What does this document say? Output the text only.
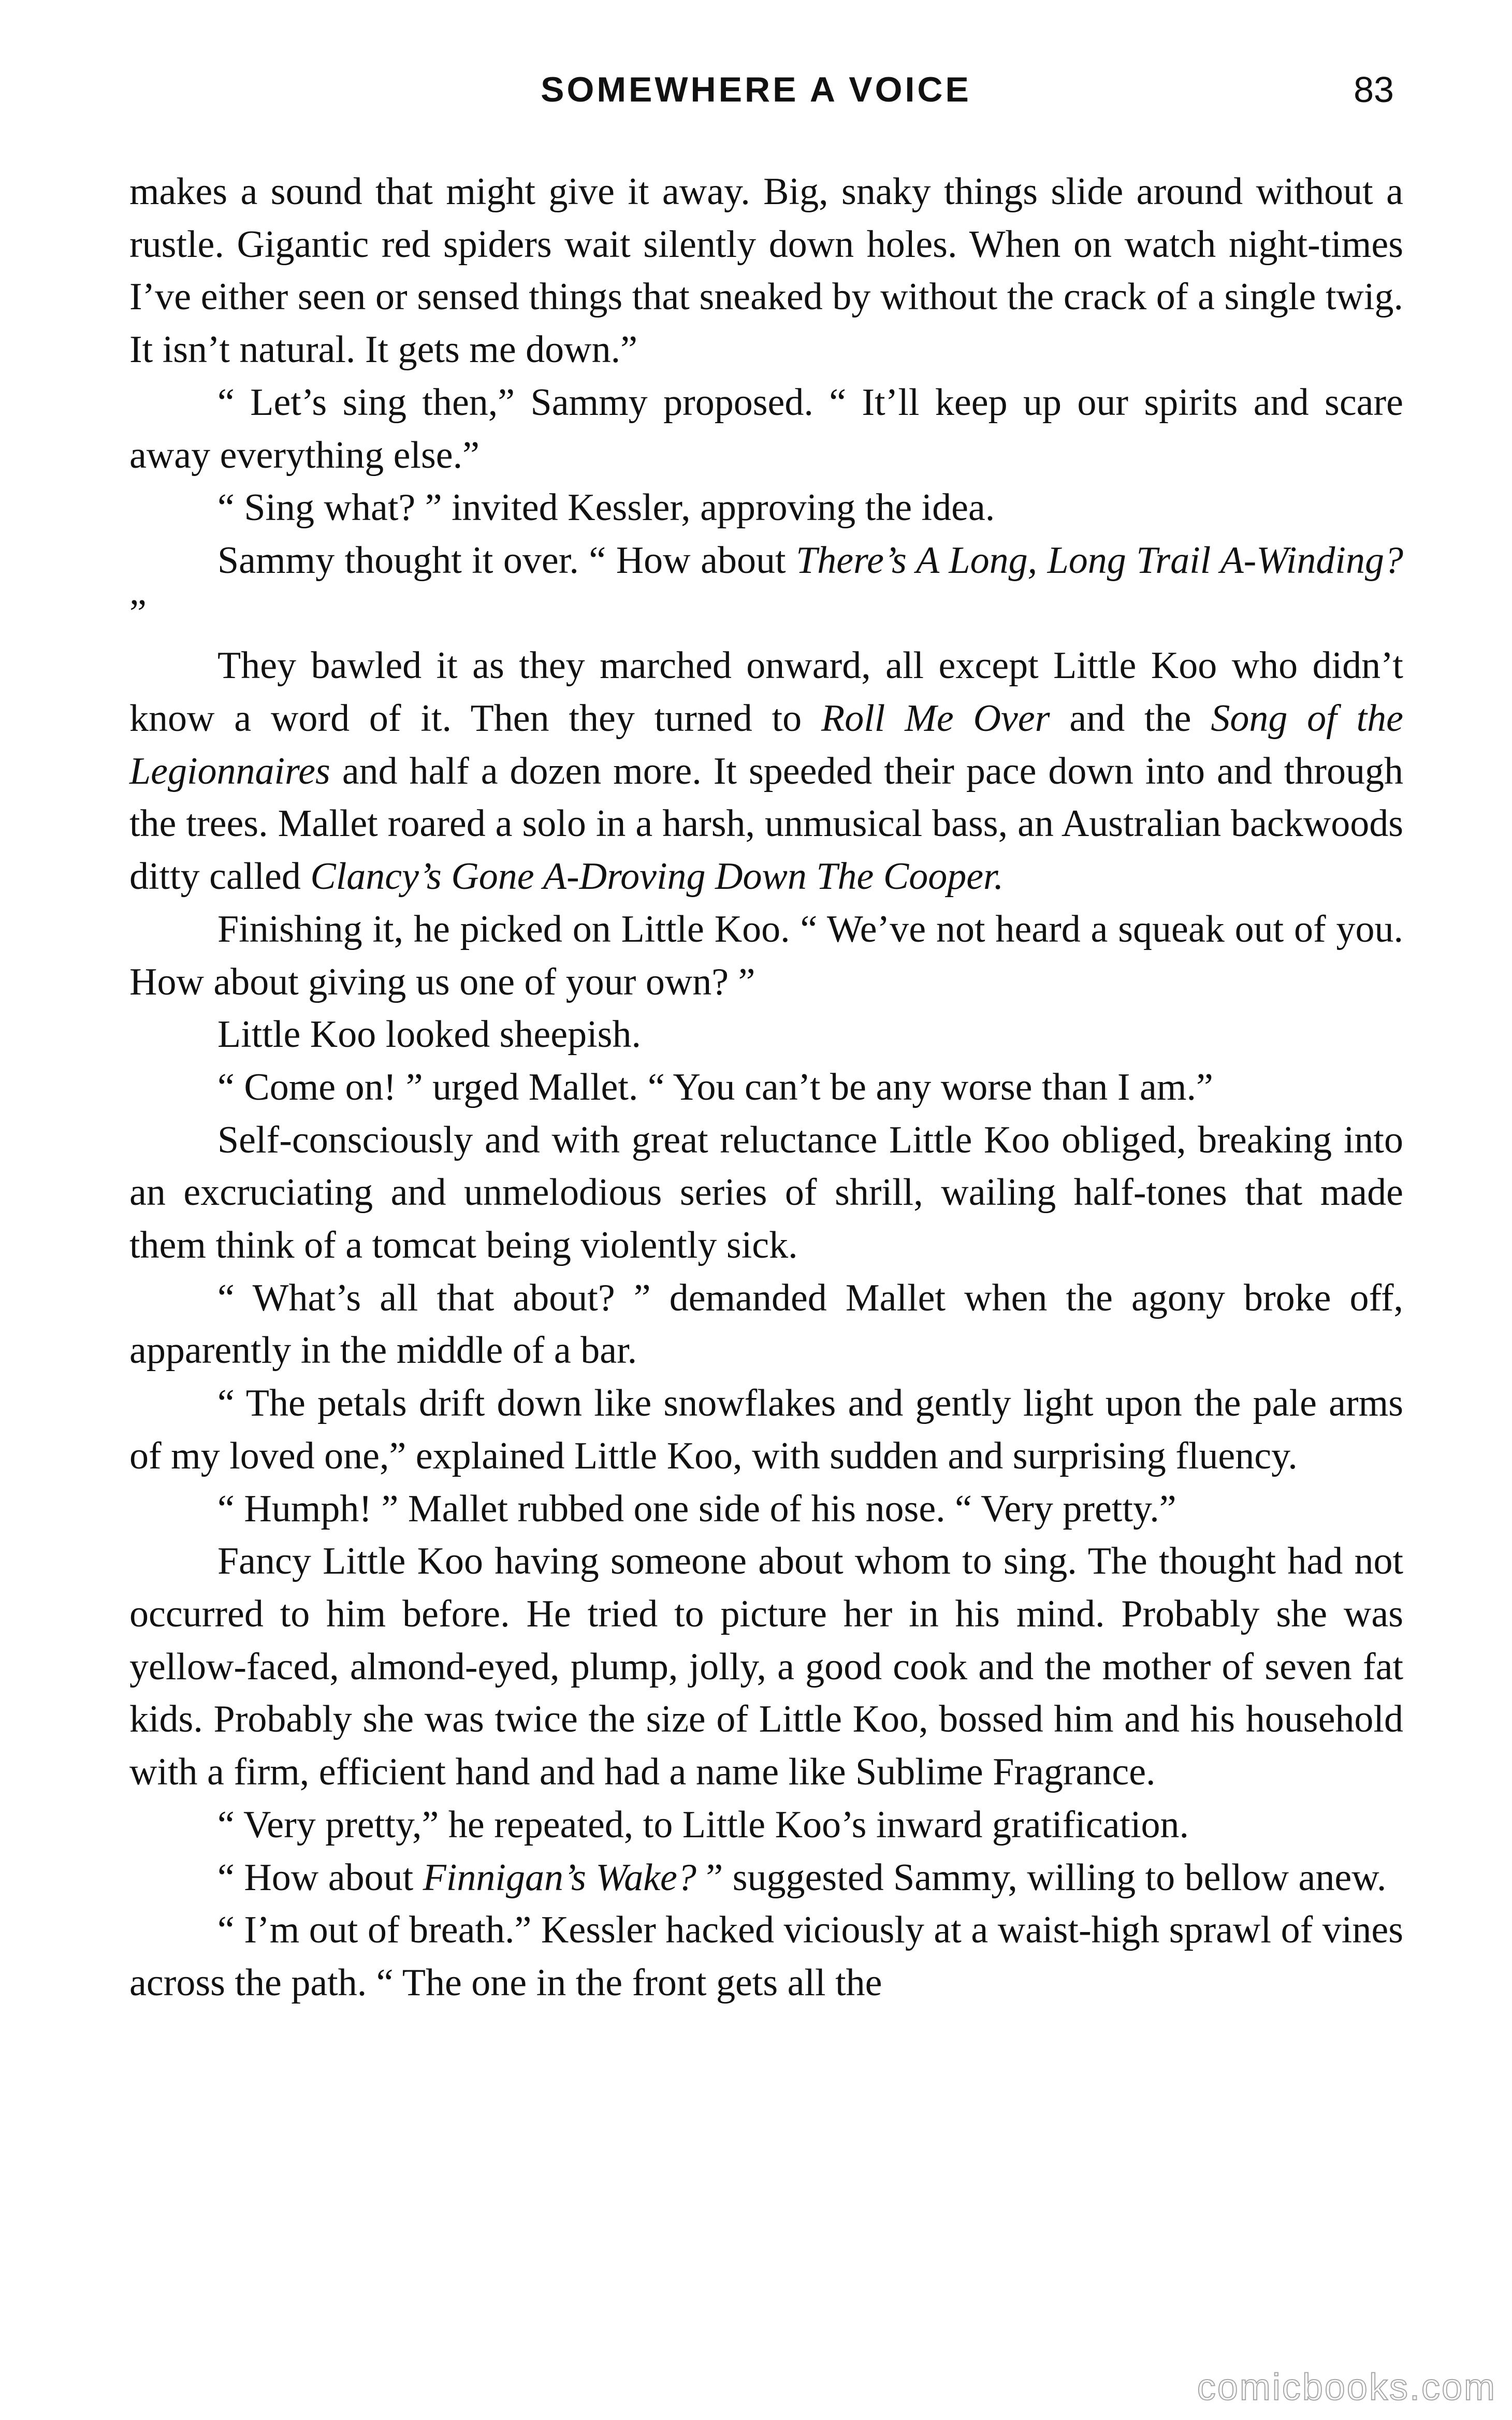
SOMEWHERE A VOICE	83

makes a sound that might give it away. Big, snaky things slide around without a rustle. Gigantic red spiders wait silently down holes. When on watch night-times I’ve either seen or sensed things that sneaked by without the crack of a single twig. It isn’t natural. It gets me down.”

“ Let’s sing then,” Sammy proposed. “ It’ll keep up our spirits and scare away everything else.”

“ Sing what? ” invited Kessler, approving the idea.

Sammy thought it over. “ How about There’s A Long, Long Trail A-Winding? ”

They bawled it as they marched onward, all except Little Koo who didn’t know a word of it. Then they turned to Roll Me Over and the Song of the Legionnaires and half a dozen more. It speeded their pace down into and through the trees. Mallet roared a solo in a harsh, unmusical bass, an Australian backwoods ditty called Clancy’s Gone A-Droving Down The Cooper.

Finishing it, he picked on Little Koo. “ We’ve not heard a squeak out of you. How about giving us one of your own? ”

Little Koo looked sheepish.

“ Come on! ” urged Mallet. “ You can’t be any worse than I am.”

Self-consciously and with great reluctance Little Koo obliged, breaking into an excruciating and unmelodious series of shrill, wailing half-tones that made them think of a tomcat being violently sick.

“ What’s all that about? ” demanded Mallet when the agony broke off, apparently in the middle of a bar.

“ The petals drift down like snowflakes and gently light upon the pale arms of my loved one,” explained Little Koo, with sudden and surprising fluency.

“ Humph! ” Mallet rubbed one side of his nose. “ Very pretty.”

Fancy Little Koo having someone about whom to sing. The thought had not occurred to him before. He tried to picture her in his mind. Probably she was yellow-faced, almond-eyed, plump, jolly, a good cook and the mother of seven fat kids. Probably she was twice the size of Little Koo, bossed him and his household with a firm, efficient hand and had a name like Sublime Fragrance.

“ Very pretty,” he repeated, to Little Koo’s inward gratification.

“ How about Finnigan’s Wake? ” suggested Sammy, willing to bellow anew.

“ I’m out of breath.” Kessler hacked viciously at a waist-high sprawl of vines across the path. “ The one in the front gets all the

comicbooks.com
